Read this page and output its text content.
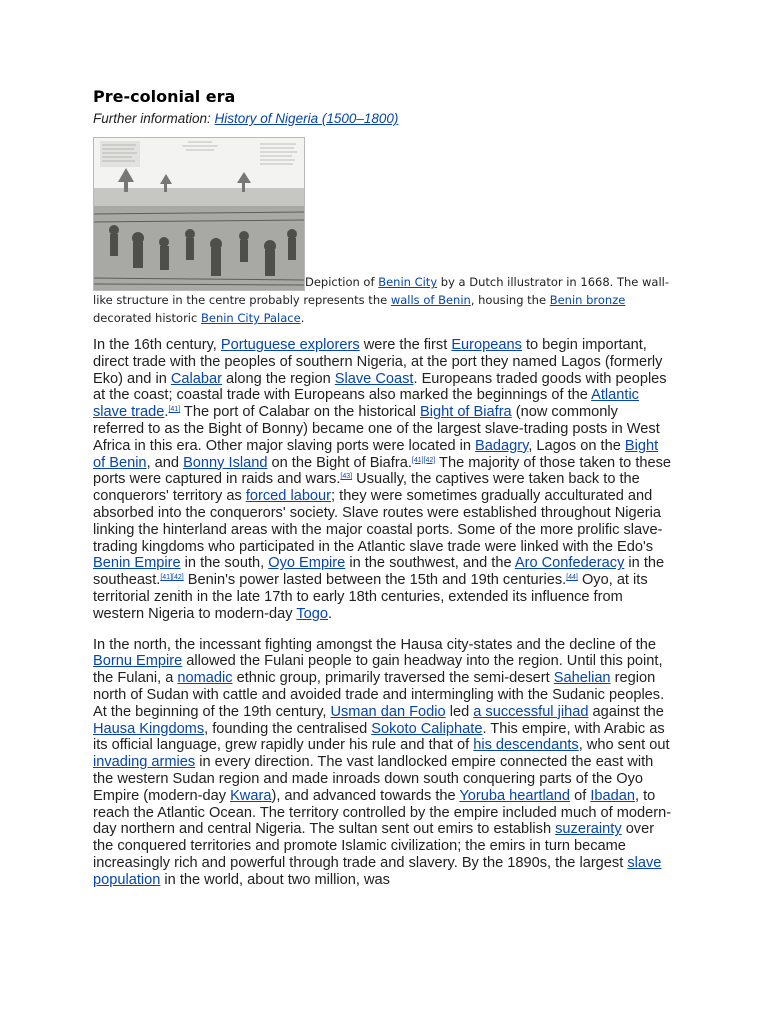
Pre-colonial era
Further information: History of Nigeria (1500–1800)
Depiction of Benin City by a Dutch illustrator in 1668. The wall-like structure in the centre probably represents the walls of Benin, housing the Benin bronze decorated historic Benin City Palace.

In the 16th century, Portuguese explorers were the first Europeans to begin important, direct trade with the peoples of southern Nigeria, at the port they named Lagos (formerly Eko) and in Calabar along the region Slave Coast. Europeans traded goods with peoples at the coast; coastal trade with Europeans also marked the beginnings of the Atlantic slave trade.[41] The port of Calabar on the historical Bight of Biafra (now commonly referred to as the Bight of Bonny) became one of the largest slave-trading posts in West Africa in this era. Other major slaving ports were located in Badagry, Lagos on the Bight of Benin, and Bonny Island on the Bight of Biafra.[41][42] The majority of those taken to these ports were captured in raids and wars.[43] Usually, the captives were taken back to the conquerors' territory as forced labour; they were sometimes gradually acculturated and absorbed into the conquerors' society. Slave routes were established throughout Nigeria linking the hinterland areas with the major coastal ports. Some of the more prolific slave-trading kingdoms who participated in the Atlantic slave trade were linked with the Edo's Benin Empire in the south, Oyo Empire in the southwest, and the Aro Confederacy in the southeast.[41][42] Benin's power lasted between the 15th and 19th centuries.[44] Oyo, at its territorial zenith in the late 17th to early 18th centuries, extended its influence from western Nigeria to modern-day Togo.

In the north, the incessant fighting amongst the Hausa city-states and the decline of the Bornu Empire allowed the Fulani people to gain headway into the region. Until this point, the Fulani, a nomadic ethnic group, primarily traversed the semi-desert Sahelian region north of Sudan with cattle and avoided trade and intermingling with the Sudanic peoples. At the beginning of the 19th century, Usman dan Fodio led a successful jihad against the Hausa Kingdoms, founding the centralised Sokoto Caliphate. This empire, with Arabic as its official language, grew rapidly under his rule and that of his descendants, who sent out invading armies in every direction. The vast landlocked empire connected the east with the western Sudan region and made inroads down south conquering parts of the Oyo Empire (modern-day Kwara), and advanced towards the Yoruba heartland of Ibadan, to reach the Atlantic Ocean. The territory controlled by the empire included much of modern-day northern and central Nigeria. The sultan sent out emirs to establish suzerainty over the conquered territories and promote Islamic civilization; the emirs in turn became increasingly rich and powerful through trade and slavery. By the 1890s, the largest slave population in the world, about two million, was
